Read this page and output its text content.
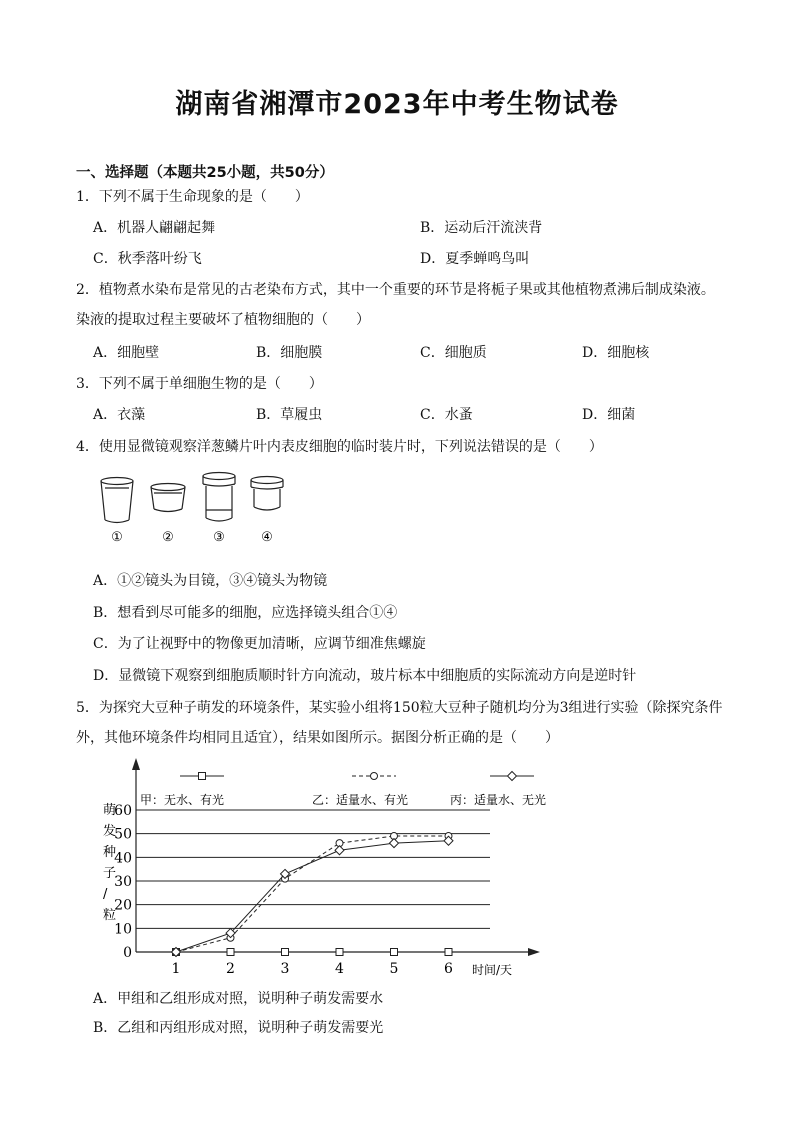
湖南省湘潭市2023年中考生物试卷
一、选择题（本题共25小题，共50分）
1．下列不属于生命现象的是（　　）
A．机器人翩翩起舞	B．运动后汗流浃背
C．秋季落叶纷飞	D．夏季蝉鸣鸟叫
2．植物煮水染布是常见的古老染布方式，其中一个重要的环节是将栀子果或其他植物煮沸后制成染液。染液的提取过程主要破坏了植物细胞的（　　）
A．细胞壁	B．细胞膜	C．细胞质	D．细胞核
3．下列不属于单细胞生物的是（　　）
A．衣藻	B．草履虫	C．水蚤	D．细菌
4．使用显微镜观察洋葱鳞片叶内表皮细胞的临时装片时，下列说法错误的是（　　）
①	②	③	④
A．①②镜头为目镜，③④镜头为物镜
B．想看到尽可能多的细胞，应选择镜头组合①④
C．为了让视野中的物像更加清晰，应调节细准焦螺旋
D．显微镜下观察到细胞质顺时针方向流动，玻片标本中细胞质的实际流动方向是逆时针
5．为探究大豆种子萌发的环境条件，某实验小组将150粒大豆种子随机均分为3组进行实验（除探究条件外，其他环境条件均相同且适宜），结果如图所示。据图分析正确的是（　　）
甲：无水、有光	乙：适量水、有光	丙：适量水、无光
0
10
20
30
40
50
60
1	2	3	4	5	6 时间/天
萌发种子/粒
A．甲组和乙组形成对照，说明种子萌发需要水
B．乙组和丙组形成对照，说明种子萌发需要光
